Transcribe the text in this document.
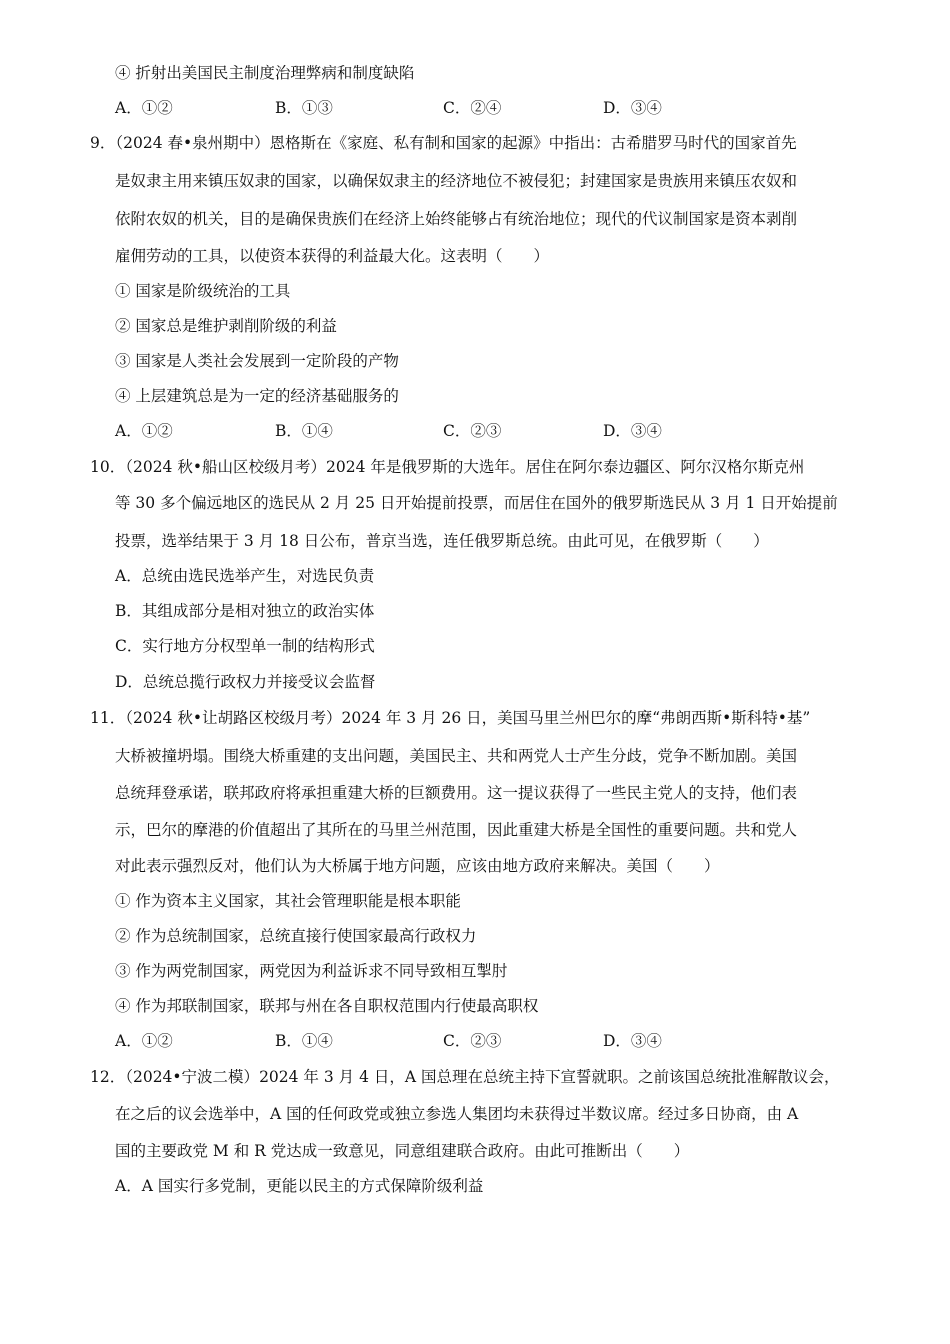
④ 折射出美国民主制度治理弊病和制度缺陷
A．①②	B．①③	C．②④	D．③④
9．（2024 春•泉州期中）恩格斯在《家庭、私有制和国家的起源》中指出：古希腊罗马时代的国家首先
是奴隶主用来镇压奴隶的国家，以确保奴隶主的经济地位不被侵犯；封建国家是贵族用来镇压农奴和
依附农奴的机关，目的是确保贵族们在经济上始终能够占有统治地位；现代的代议制国家是资本剥削
雇佣劳动的工具，以使资本获得的利益最大化。这表明（　　）
① 国家是阶级统治的工具
② 国家总是维护剥削阶级的利益
③ 国家是人类社会发展到一定阶段的产物
④ 上层建筑总是为一定的经济基础服务的
A．①②	B．①④	C．②③	D．③④
10．（2024 秋•船山区校级月考）2024 年是俄罗斯的大选年。居住在阿尔泰边疆区、阿尔汉格尔斯克州
等 30 多个偏远地区的选民从 2 月 25 日开始提前投票，而居住在国外的俄罗斯选民从 3 月 1 日开始提前
投票，选举结果于 3 月 18 日公布，普京当选，连任俄罗斯总统。由此可见，在俄罗斯（　　）
A．总统由选民选举产生，对选民负责
B．其组成部分是相对独立的政治实体
C．实行地方分权型单一制的结构形式
D．总统总揽行政权力并接受议会监督
11．（2024 秋•让胡路区校级月考）2024 年 3 月 26 日，美国马里兰州巴尔的摩“弗朗西斯•斯科特•基”
大桥被撞坍塌。围绕大桥重建的支出问题，美国民主、共和两党人士产生分歧，党争不断加剧。美国
总统拜登承诺，联邦政府将承担重建大桥的巨额费用。这一提议获得了一些民主党人的支持，他们表
示，巴尔的摩港的价值超出了其所在的马里兰州范围，因此重建大桥是全国性的重要问题。共和党人
对此表示强烈反对，他们认为大桥属于地方问题，应该由地方政府来解决。美国（　　）
① 作为资本主义国家，其社会管理职能是根本职能
② 作为总统制国家，总统直接行使国家最高行政权力
③ 作为两党制国家，两党因为利益诉求不同导致相互掣肘
④ 作为邦联制国家，联邦与州在各自职权范围内行使最高职权
A．①②	B．①④	C．②③	D．③④
12．（2024•宁波二模）2024 年 3 月 4 日，A 国总理在总统主持下宣誓就职。之前该国总统批准解散议会，
在之后的议会选举中，A 国的任何政党或独立参选人集团均未获得过半数议席。经过多日协商，由 A
国的主要政党 M 和 R 党达成一致意见，同意组建联合政府。由此可推断出（　　）
A．A 国实行多党制，更能以民主的方式保障阶级利益
